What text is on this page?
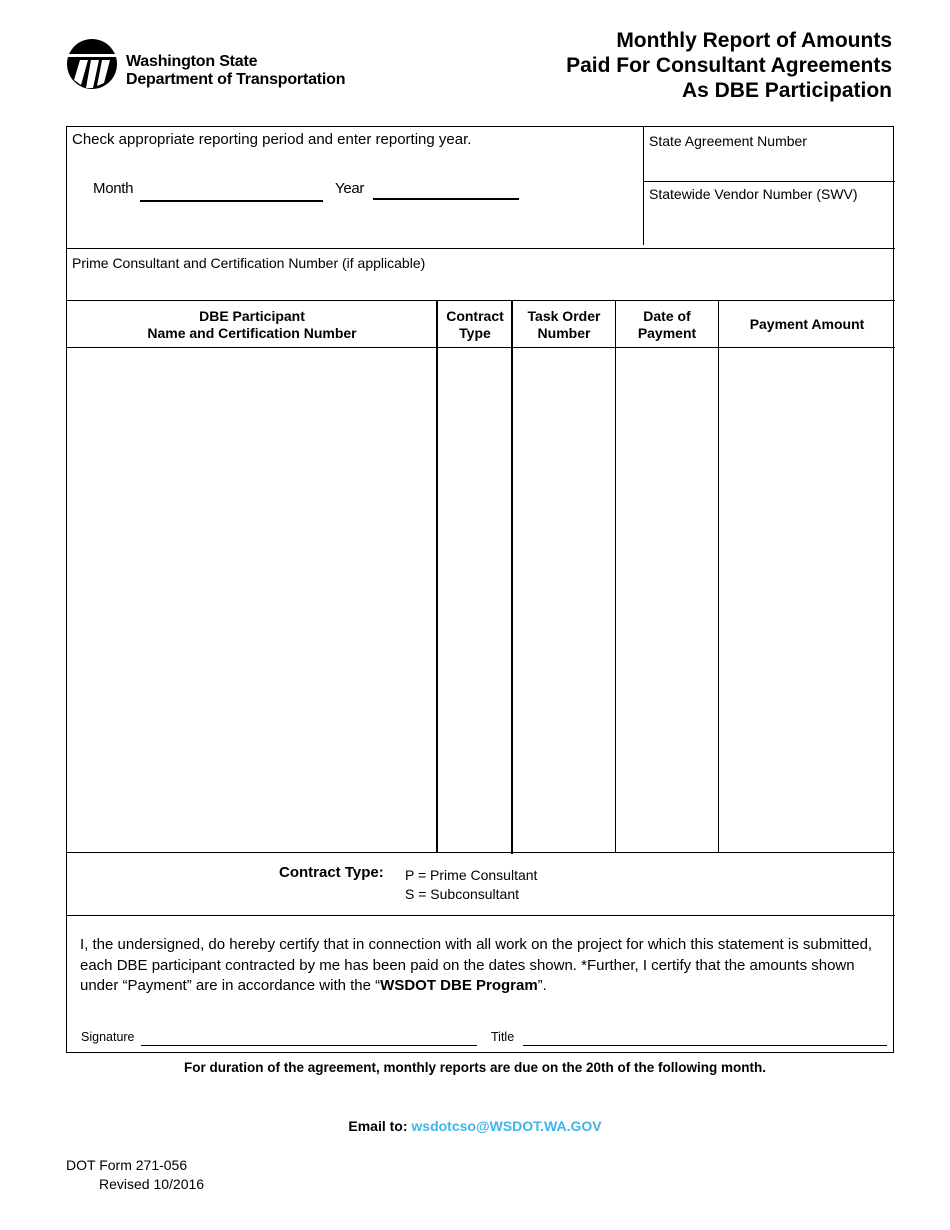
Washington State
Department of Transportation
Monthly Report of Amounts
Paid For Consultant Agreements
As DBE Participation
Check appropriate reporting period and enter reporting year.
Month	Year
State Agreement Number
Statewide Vendor Number (SWV)
Prime Consultant and Certification Number (if applicable)
DBE Participant
Name and Certification Number
Contract
Type
Task Order
Number
Date of
Payment
Payment Amount
Contract Type: P = Prime Consultant
S = Subconsultant
I, the undersigned, do hereby certify that in connection with all work on the project for which this statement is submitted, each DBE participant contracted by me has been paid on the dates shown. *Further, I certify that the amounts shown under “Payment” are in accordance with the “WSDOT DBE Program”.
Signature	Title
For duration of the agreement, monthly reports are due on the 20th of the following month.
Email to: wsdotcso@WSDOT.WA.GOV
DOT Form 271-056
Revised 10/2016
